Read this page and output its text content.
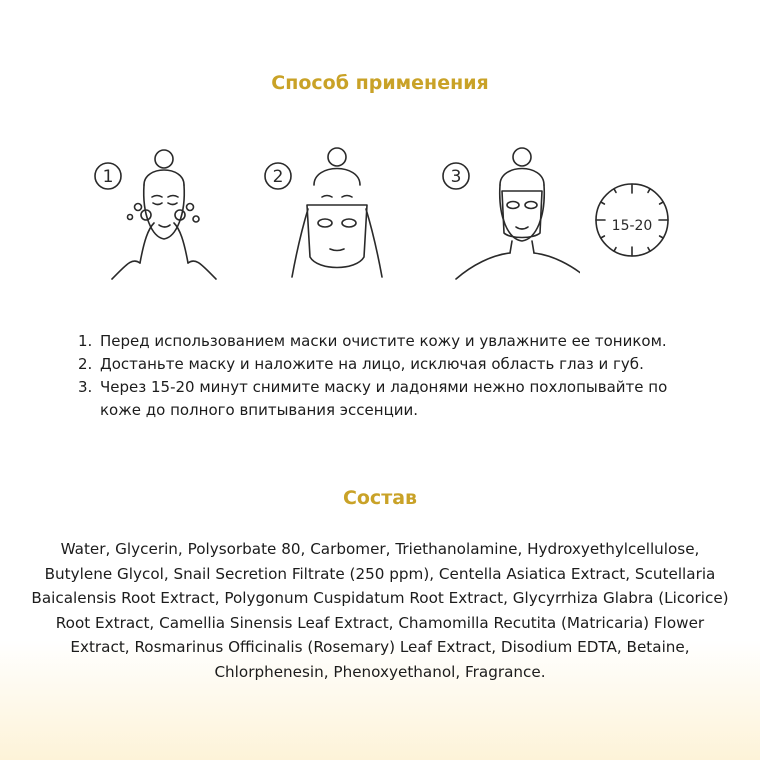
Способ применения
1	2	3
15-20
1. Перед использованием маски очистите кожу и увлажните ее тоником.
2. Достаньте маску и наложите на лицо, исключая область глаз и губ.
3. Через 15-20 минут снимите маску и ладонями нежно похлопывайте по коже до полного впитывания эссенции.
Состав
Water, Glycerin, Polysorbate 80, Carbomer, Triethanolamine, Hydroxyethylcellulose, Butylene Glycol, Snail Secretion Filtrate (250 ppm), Centella Asiatica Extract, Scutellaria Baicalensis Root Extract, Polygonum Cuspidatum Root Extract, Glycyrrhiza Glabra (Licorice) Root Extract, Camellia Sinensis Leaf Extract, Chamomilla Recutita (Matricaria) Flower Extract, Rosmarinus Officinalis (Rosemary) Leaf Extract, Disodium EDTA, Betaine, Chlorphenesin, Phenoxyethanol, Fragrance.
